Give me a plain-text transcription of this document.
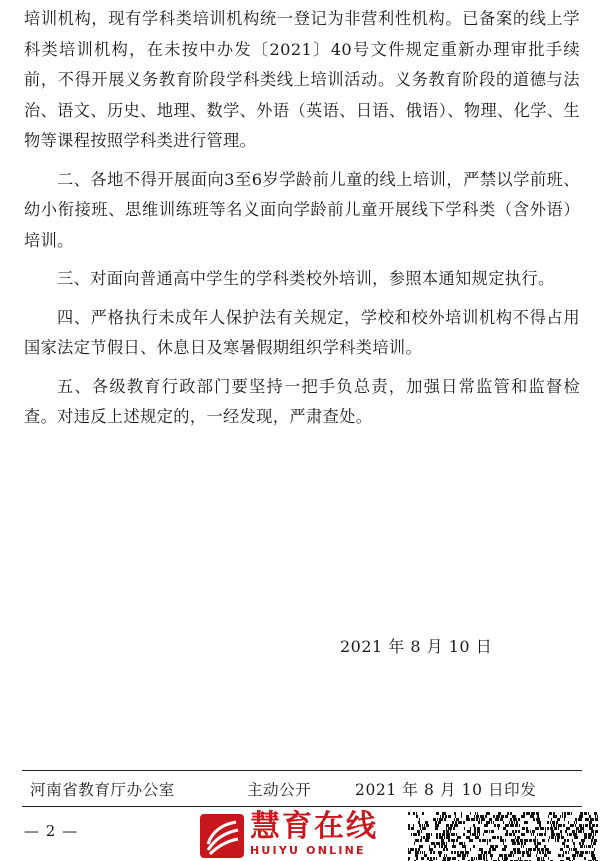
培训机构，现有学科类培训机构统一登记为非营利性机构。已备案的线上学科类培训机构，在未按中办发〔2021〕40号文件规定重新办理审批手续前，不得开展义务教育阶段学科类线上培训活动。义务教育阶段的道德与法治、语文、历史、地理、数学、外语（英语、日语、俄语）、物理、化学、生物等课程按照学科类进行管理。

二、各地不得开展面向3至6岁学龄前儿童的线上培训，严禁以学前班、幼小衔接班、思维训练班等名义面向学龄前儿童开展线下学科类（含外语）培训。

三、对面向普通高中学生的学科类校外培训，参照本通知规定执行。

四、严格执行未成年人保护法有关规定，学校和校外培训机构不得占用国家法定节假日、休息日及寒暑假期组织学科类培训。

五、各级教育行政部门要坚持一把手负总责，加强日常监管和监督检查。对违反上述规定的，一经发现，严肃查处。

2021 年 8 月 10 日
河南省教育厅办公室	主动公开	2021 年 8 月 10 日印发
— 2 —	慧育在线
HUIYU ONLINE
